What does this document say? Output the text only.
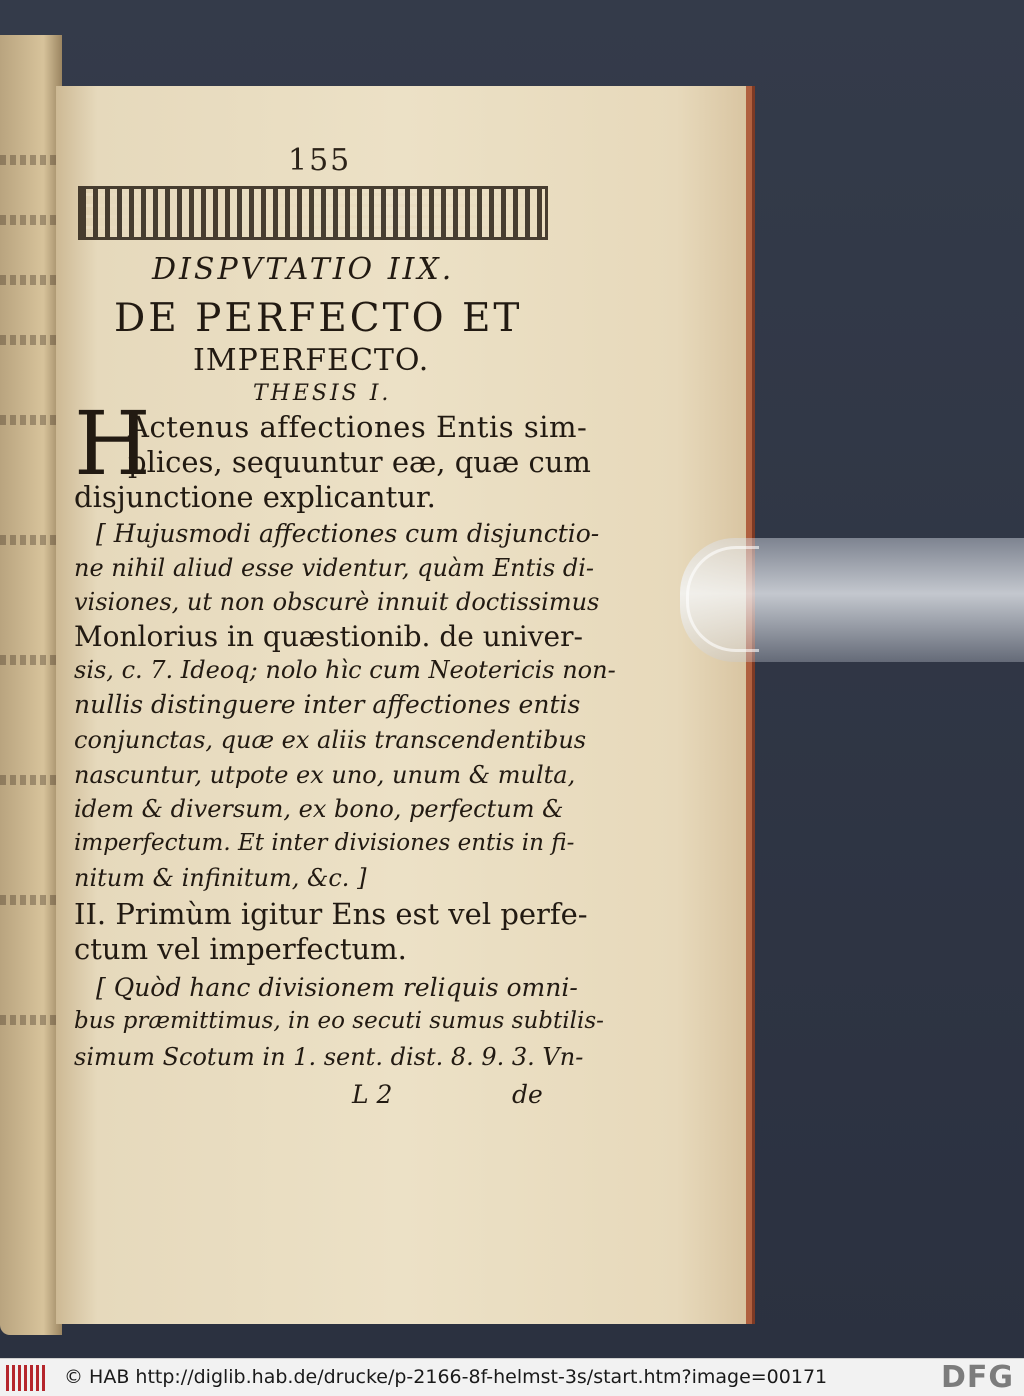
155
DISPVTATIO IIX.
DE PERFECTO ET
IMPERFECTO.
THESIS I.
H
Actenus affectiones Entis sim-
plices, sequuntur eæ, quæ cum
disjunctione explicantur.
[ Hujusmodi affectiones cum disjunctio-
ne nihil aliud esse videntur, quàm Entis di-
visiones, ut non obscurè innuit doctissimus
Monlorius in quæstionib. de univer-
sis, c. 7. Ideoq; nolo hìc cum Neotericis non-
nullis distinguere inter affectiones entis
conjunctas, quæ ex aliis transcendentibus
nascuntur, utpote ex uno, unum & multa,
idem & diversum, ex bono, perfectum &
imperfectum. Et inter divisiones entis in fi-
nitum & infinitum, &c. ]
II. Primùm igitur Ens est vel perfe-
ctum vel imperfectum.
[ Quòd hanc divisionem reliquis omni-
bus præmittimus, in eo secuti sumus subtilis-
simum Scotum in 1. sent. dist. 8. 9. 3. Vn-
L 2	de
© HAB http://diglib.hab.de/drucke/p-2166-8f-helmst-3s/start.htm?image=00171	DFG
